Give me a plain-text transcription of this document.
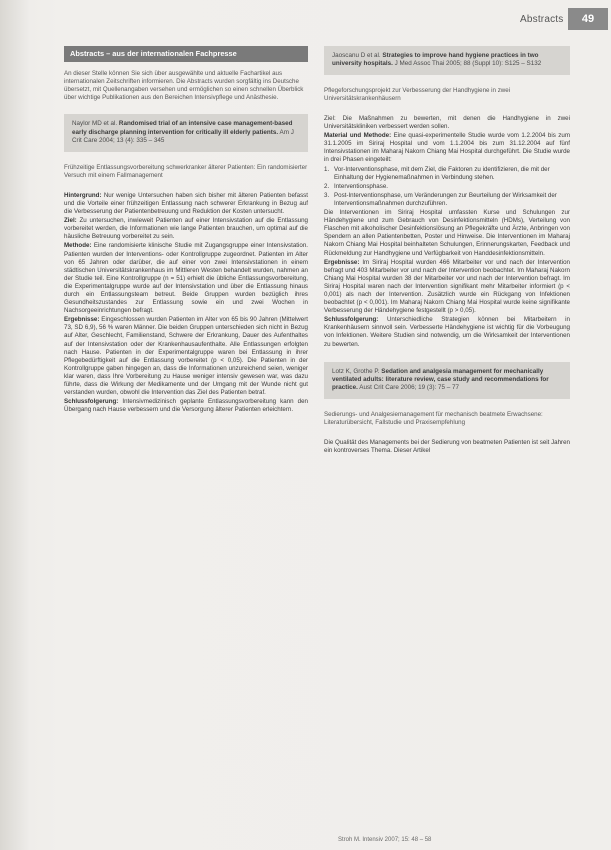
Abstracts	49
Abstracts – aus der internationalen Fachpresse
An dieser Stelle können Sie sich über ausgewählte und aktuelle Fachartikel aus internationalen Zeitschriften informieren. Die Abstracts wurden sorgfältig ins Deutsche übersetzt, mit Quellenangaben versehen und ermöglichen so einen schnellen Überblick über wichtige Publikationen aus den Bereichen Intensivpflege und Anästhesie.
Naylor MD et al. Randomised trial of an intensive case management-based early discharge planning intervention for critically ill elderly patients. Am J Crit Care 2004; 13 (4): 335 – 345
Frühzeitige Entlassungsvorbereitung schwerkranker älterer Patienten: Ein randomisierter Versuch mit einem Fallmanagement

Hintergrund: Nur wenige Untersuchen haben sich bisher mit älteren Patienten befasst und die Vorteile einer frühzeitigen Entlassung nach schwerer Erkrankung in Bezug auf die Verbesserung der Patientenbetreuung und Reduktion der Kosten untersucht.

Ziel: Zu untersuchen, inwieweit Patienten auf einer Intensivstation auf die Entlassung vorbereitet werden, die Informationen wie lange Patienten brauchen, um optimal auf die häusliche Betreuung vorbereitet zu sein.

Methode: Eine randomisierte klinische Studie mit Zugangsgruppe einer Intensivstation. Patienten wurden der Interventions- oder Kontrollgruppe zugeordnet. Patienten im Alter von 65 Jahren oder darüber, die auf einer von zwei Intensivstationen in einem städtischen Universitätskrankenhaus im Mittleren Westen behandelt wurden, nahmen an der Studie teil. Eine Kontrollgruppe (n = 51) erhielt die übliche Entlassungsvorbereitung, die Experimentalgruppe wurde auf der Intensivstation und über die Entlassung hinaus durch ein Entlassungsteam betreut. Beide Gruppen wurden bezüglich ihres Gesundheitszustandes zur Entlassung sowie ein und zwei Wochen in Nachsorgeeinrichtungen befragt.

Ergebnisse: Eingeschlossen wurden Patienten im Alter von 65 bis 90 Jahren (Mittelwert 73, SD 6,9), 56 % waren Männer. Die beiden Gruppen unterschieden sich nicht in Bezug auf Alter, Geschlecht, Familienstand, Schwere der Erkrankung, Dauer des Aufenthaltes auf der Intensivstation oder der Krankenhausaufenthalte. Alle Entlassungen erfolgten nach Hause. Patienten in der Experimentalgruppe waren bei Entlassung in ihrer Pflegebedürftigkeit auf die Entlassung vorbereitet (p < 0,05). Die Patienten in der Kontrollgruppe gaben hingegen an, dass die Informationen unzureichend seien, weniger klar waren, dass Ihre Vorbereitung zu Hause weniger intensiv gewesen war, was dazu führte, dass die Wirkung der Medikamente und der Umgang mit der Wunde nicht gut verstanden wurden, obwohl die Intervention das Ziel des Patienten betraf.

Schlussfolgerung: Intensivmedizinisch geplante Entlassungsvorbereitung kann den Übergang nach Hause verbessern und die Versorgung älterer Patienten erleichtern.

Jaoscanu D et al. Strategies to improve hand hygiene practices in two university hospitals. J Med Assoc Thai 2005; 88 (Suppl 10): S125 – S132
Pflegeforschungsprojekt zur Verbesserung der Handhygiene in zwei Universitätskrankenhäusern

Ziel: Die Maßnahmen zu bewerten, mit denen die Handhygiene in zwei Universitätskliniken verbessert werden sollen.

Material und Methode: Eine quasi-experimentelle Studie wurde vom 1.2.2004 bis zum 31.1.2005 im Siriraj Hospital und vom 1.1.2004 bis zum 31.12.2004 auf fünf Intensivstationen im Maharaj Nakorn Chiang Mai Hospital durchgeführt. Die Studie wurde in drei Phasen eingeteilt:

1. Vor-Interventionsphase, mit dem Ziel, die Faktoren zu identifizieren, die mit der Einhaltung der Hygienemaßnahmen in Verbindung stehen.
2. Interventionsphase.
3. Post-Interventionsphase, um Veränderungen zur Beurteilung der Wirksamkeit der Interventionsmaßnahmen durchzuführen.

Die Interventionen im Siriraj Hospital umfassten Kurse und Schulungen zur Händehygiene und zum Gebrauch von Desinfektionsmitteln (HDMs), Verteilung von Flaschen mit alkoholischer Desinfektionslösung an Pflegekräfte und Ärzte, Anbringen von Spendern an allen Patientenbetten, Poster und Hinweise. Die Interventionen im Maharaj Nakorn Chiang Mai Hospital beinhalteten Schulungen, Erinnerungskarten, Feedback und Rückmeldung zur Handhygiene und Verfügbarkeit von Handdesinfektionsmitteln.

Ergebnisse: Im Siriraj Hospital wurden 466 Mitarbeiter vor und nach der Intervention befragt und 403 Mitarbeiter vor und nach der Intervention beobachtet. Im Maharaj Nakorn Chiang Mai Hospital wurden 38 der Mitarbeiter vor und nach der Intervention befragt. Im Siriraj Hospital waren nach der Intervention signifikant mehr Mitarbeiter informiert (p < 0,001) als nach der Intervention. Zusätzlich wurde ein Rückgang von Infektionen beobachtet (p < 0,001). Im Maharaj Nakorn Chiang Mai Hospital wurde keine signifikante Verbesserung der Händehygiene festgestellt (p > 0,05).

Schlussfolgerung: Unterschiedliche Strategien können bei Mitarbeitern in Krankenhäusern sinnvoll sein. Verbesserte Händehygiene ist wichtig für die Vorbeugung von Infektionen. Weitere Studien sind notwendig, um die Wirksamkeit der Interventionen zu bewerten.

Lotz K, Grothe P. Sedation and analgesia management for mechanically ventilated adults: literature review, case study and recommendations for practice. Aust Crit Care 2006; 19 (3): 75 – 77
Sedierungs- und Analgesiemanagement für mechanisch beatmete Erwachsene: Literaturübersicht, Fallstudie und Praxisempfehlung

Die Qualität des Managements bei der Sedierung von beatmeten Patienten ist seit Jahren ein kontroverses Thema. Dieser Artikel

Stroh M. Intensiv 2007; 15: 48 – 58
